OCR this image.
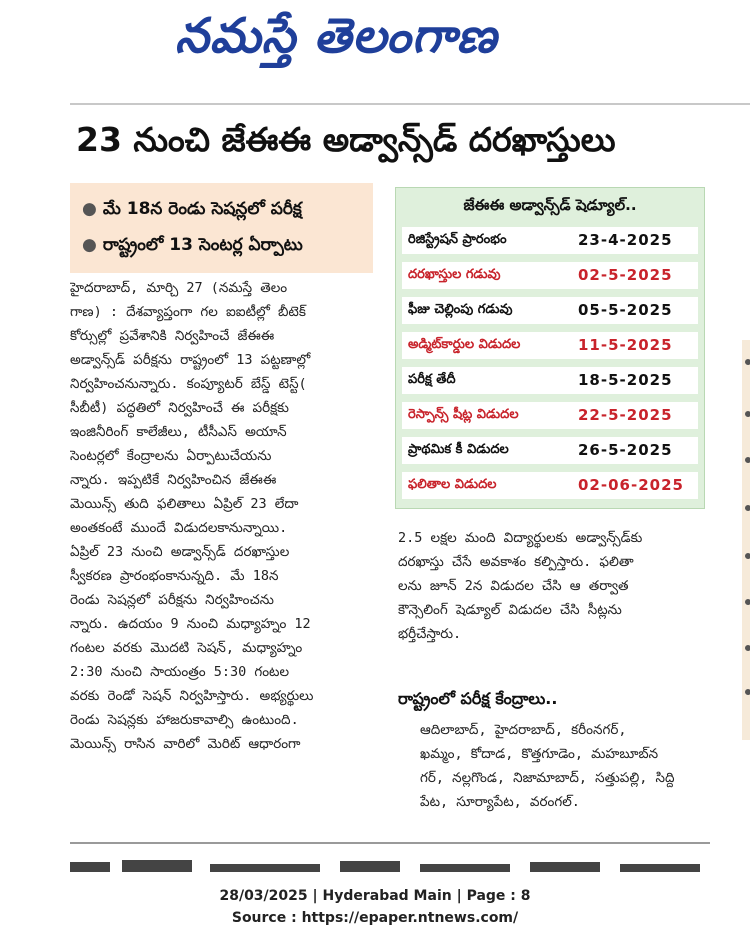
నమస్తే తెలంగాణ
23 నుంచి జేఈఈ అడ్వాన్స్‌డ్ దరఖాస్తులు
● మే 18న రెండు సెషన్లలో పరీక్ష
● రాష్ట్రంలో 13 సెంటర్ల ఏర్పాటు
హైదరాబాద్, మార్చి 27 (నమస్తే తెలం
గాణ) : దేశవ్యాప్తంగా గల ఐఐటీల్లో బీటెక్
కోర్సుల్లో ప్రవేశానికి నిర్వహించే జేఈఈ
అడ్వాన్స్‌డ్ పరీక్షను రాష్ట్రంలో 13 పట్టణాల్లో
నిర్వహించనున్నారు. కంప్యూటర్ బేస్డ్ టెస్ట్(
సీబీటీ) పద్ధతిలో నిర్వహించే ఈ పరీక్షకు
ఇంజినీరింగ్ కాలేజీలు, టీసీఎస్ అయాన్
సెంటర్లలో కేంద్రాలను ఏర్పాటుచేయను
న్నారు. ఇప్పటికే నిర్వహించిన జేఈఈ
మెయిన్స్ తుది ఫలితాలు ఏప్రిల్ 23 లేదా
అంతకంటే ముందే విడుదలకానున్నాయి.
ఏప్రిల్ 23 నుంచి అడ్వాన్స్‌డ్ దరఖాస్తుల
స్వీకరణ ప్రారంభంకానున్నది. మే 18న
రెండు సెషన్లలో పరీక్షను నిర్వహించను
న్నారు. ఉదయం 9 నుంచి మధ్యాహ్నం 12
గంటల వరకు మొదటి సెషన్, మధ్యాహ్నం
2:30 నుంచి సాయంత్రం 5:30 గంటల
వరకు రెండో సెషన్ నిర్వహిస్తారు. అభ్యర్థులు
రెండు సెషన్లకు హాజరుకావాల్సి ఉంటుంది.
మెయిన్స్ రాసిన వారిలో మెరిట్ ఆధారంగా
జేఈఈ అడ్వాన్స్‌డ్ షెడ్యూల్..
రిజిస్ట్రేషన్ ప్రారంభం	23-4-2025
దరఖాస్తుల గడువు	02-5-2025
ఫీజు చెల్లింపు గడువు	05-5-2025
అడ్మిట్‌కార్డుల విడుదల	11-5-2025
పరీక్ష తేదీ	18-5-2025
రెస్పాన్స్ షీట్ల విడుదల	22-5-2025
ప్రాథమిక కీ విడుదల	26-5-2025
ఫలితాల విడుదల	02-06-2025
2.5 లక్షల మంది విద్యార్థులకు అడ్వాన్స్‌డ్‌కు
దరఖాస్తు చేసే అవకాశం కల్పిస్తారు. ఫలితా
లను జూన్ 2న విడుదల చేసి ఆ తర్వాత
కౌన్సెలింగ్ షెడ్యూల్ విడుదల చేసి సీట్లను
భర్తీచేస్తారు.
రాష్ట్రంలో పరీక్ష కేంద్రాలు..
ఆదిలాబాద్, హైదరాబాద్, కరీంనగర్,
ఖమ్మం, కోదాడ, కొత్తగూడెం, మహబూబ్‌న
గర్, నల్లగొండ, నిజామాబాద్, సత్తుపల్లి, సిద్ది
పేట, సూర్యాపేట, వరంగల్.
28/03/2025 | Hyderabad Main | Page : 8
Source : https://epaper.ntnews.com/
